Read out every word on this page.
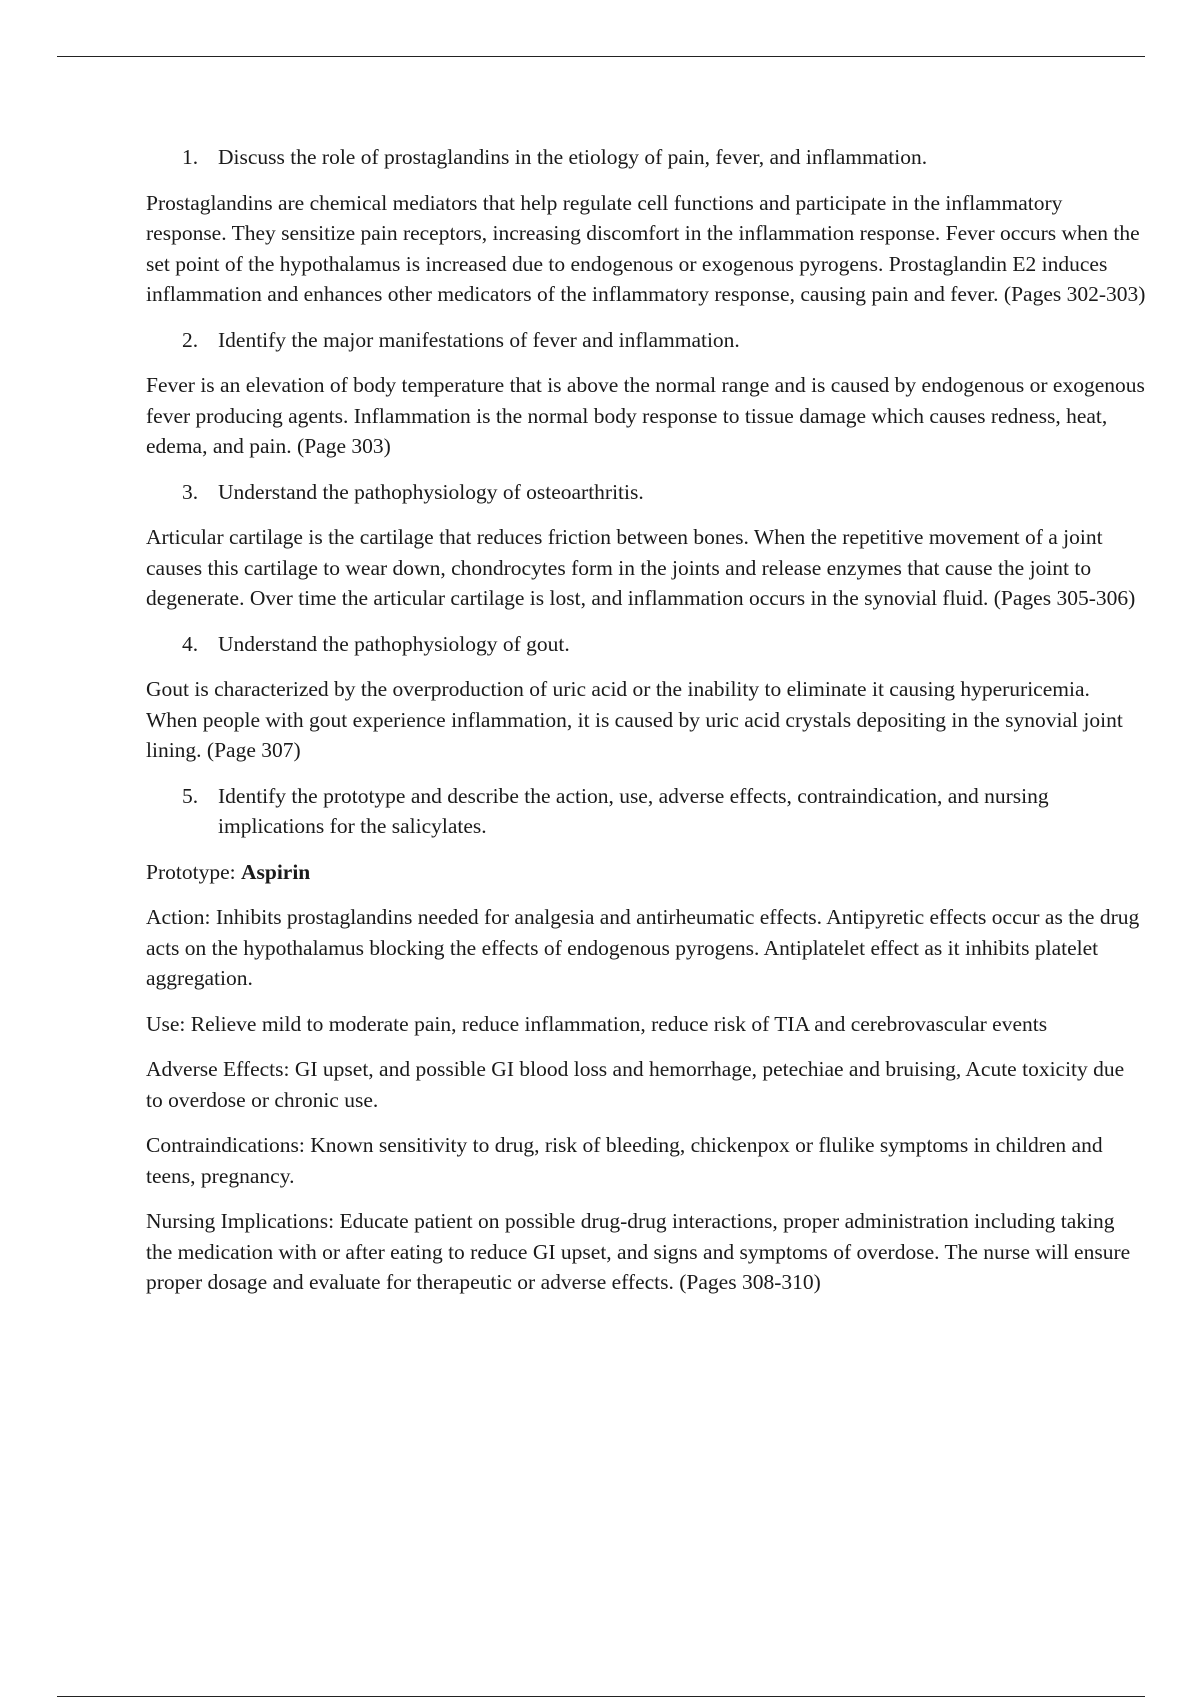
1. Discuss the role of prostaglandins in the etiology of pain, fever, and inflammation.

Prostaglandins are chemical mediators that help regulate cell functions and participate in the inflammatory response. They sensitize pain receptors, increasing discomfort in the inflammation response. Fever occurs when the set point of the hypothalamus is increased due to endogenous or exogenous pyrogens. Prostaglandin E2 induces inflammation and enhances other medicators of the inflammatory response, causing pain and fever. (Pages 302-303)

2. Identify the major manifestations of fever and inflammation.

Fever is an elevation of body temperature that is above the normal range and is caused by endogenous or exogenous fever producing agents. Inflammation is the normal body response to tissue damage which causes redness, heat, edema, and pain. (Page 303)

3. Understand the pathophysiology of osteoarthritis.

Articular cartilage is the cartilage that reduces friction between bones. When the repetitive movement of a joint causes this cartilage to wear down, chondrocytes form in the joints and release enzymes that cause the joint to degenerate. Over time the articular cartilage is lost, and inflammation occurs in the synovial fluid. (Pages 305-306)

4. Understand the pathophysiology of gout.

Gout is characterized by the overproduction of uric acid or the inability to eliminate it causing hyperuricemia. When people with gout experience inflammation, it is caused by uric acid crystals depositing in the synovial joint lining. (Page 307)

5. Identify the prototype and describe the action, use, adverse effects, contraindication, and nursing implications for the salicylates.

Prototype: Aspirin

Action: Inhibits prostaglandins needed for analgesia and antirheumatic effects. Antipyretic effects occur as the drug acts on the hypothalamus blocking the effects of endogenous pyrogens. Antiplatelet effect as it inhibits platelet aggregation.

Use: Relieve mild to moderate pain, reduce inflammation, reduce risk of TIA and cerebrovascular events

Adverse Effects: GI upset, and possible GI blood loss and hemorrhage, petechiae and bruising, Acute toxicity due to overdose or chronic use.

Contraindications: Known sensitivity to drug, risk of bleeding, chickenpox or flulike symptoms in children and teens, pregnancy.

Nursing Implications: Educate patient on possible drug-drug interactions, proper administration including taking the medication with or after eating to reduce GI upset, and signs and symptoms of overdose. The nurse will ensure proper dosage and evaluate for therapeutic or adverse effects. (Pages 308-310)
